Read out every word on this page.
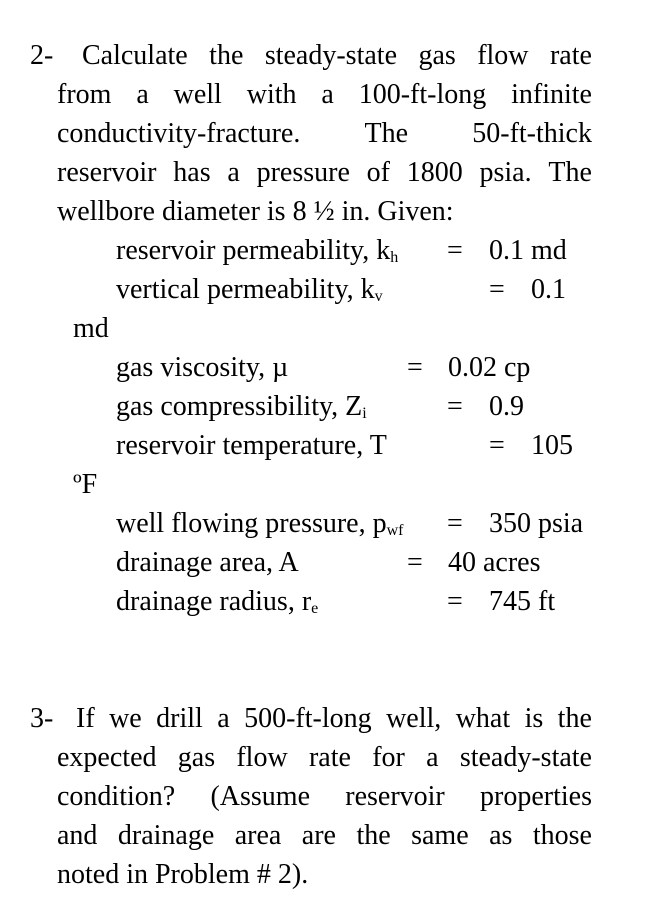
2- Calculate the steady-state gas flow rate
from a well with a 100-ft-long infinite
conductivity-fracture. The 50-ft-thick
reservoir has a pressure of 1800 psia. The
wellbore diameter is 8 ½ in. Given:
reservoir permeability, $k_h = 0.1$ md
vertical permeability, $k_v$	= 0.1
md
gas viscosity, µ	= 0.02 cp
gas compressibility, $Z_i$	= 0.9
reservoir temperature, T	= 105
ºF
well flowing pressure, $p_{wf} = 350$ psia
drainage area, A	= 40 acres
drainage radius, $r_e$	= 745 ft
3- If we drill a 500-ft-long well, what is the
expected gas flow rate for a steady-state
condition? (Assume reservoir properties
and drainage area are the same as those
noted in Problem # 2).
